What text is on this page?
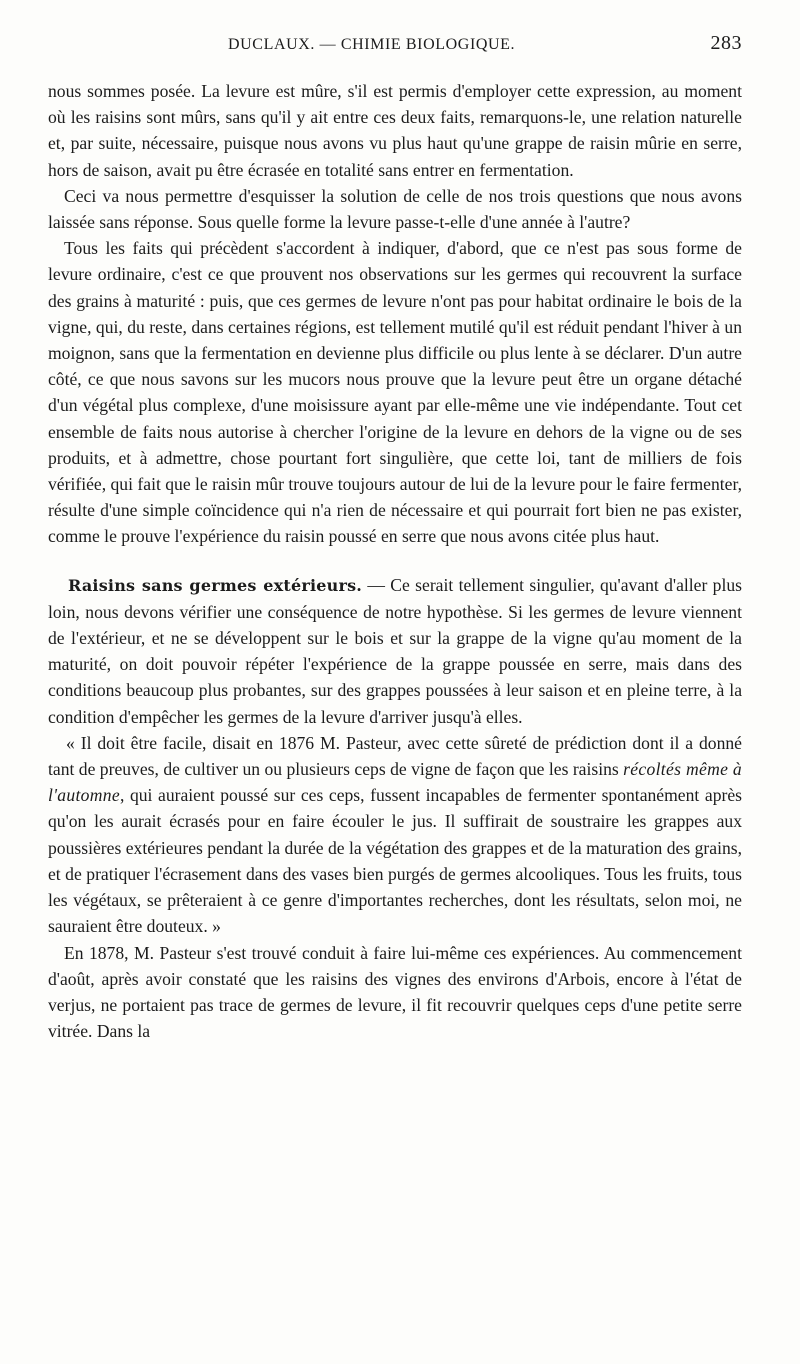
DUCLAUX. — CHIMIE BIOLOGIQUE.	283

nous sommes posée. La levure est mûre, s'il est permis d'employer cette expression, au moment où les raisins sont mûrs, sans qu'il y ait entre ces deux faits, remarquons-le, une relation naturelle et, par suite, nécessaire, puisque nous avons vu plus haut qu'une grappe de raisin mûrie en serre, hors de saison, avait pu être écrasée en totalité sans entrer en fermentation.

Ceci va nous permettre d'esquisser la solution de celle de nos trois questions que nous avons laissée sans réponse. Sous quelle forme la levure passe-t-elle d'une année à l'autre?

Tous les faits qui précèdent s'accordent à indiquer, d'abord, que ce n'est pas sous forme de levure ordinaire, c'est ce que prouvent nos observations sur les germes qui recouvrent la surface des grains à maturité : puis, que ces germes de levure n'ont pas pour habitat ordinaire le bois de la vigne, qui, du reste, dans certaines régions, est tellement mutilé qu'il est réduit pendant l'hiver à un moignon, sans que la fermentation en devienne plus difficile ou plus lente à se déclarer. D'un autre côté, ce que nous savons sur les mucors nous prouve que la levure peut être un organe détaché d'un végétal plus complexe, d'une moisissure ayant par elle-même une vie indépendante. Tout cet ensemble de faits nous autorise à chercher l'origine de la levure en dehors de la vigne ou de ses produits, et à admettre, chose pourtant fort singulière, que cette loi, tant de milliers de fois vérifiée, qui fait que le raisin mûr trouve toujours autour de lui de la levure pour le faire fermenter, résulte d'une simple coïncidence qui n'a rien de nécessaire et qui pourrait fort bien ne pas exister, comme le prouve l'expérience du raisin poussé en serre que nous avons citée plus haut.

Raisins sans germes extérieurs. — Ce serait tellement singulier, qu'avant d'aller plus loin, nous devons vérifier une conséquence de notre hypothèse. Si les germes de levure viennent de l'extérieur, et ne se développent sur le bois et sur la grappe de la vigne qu'au moment de la maturité, on doit pouvoir répéter l'expérience de la grappe poussée en serre, mais dans des conditions beaucoup plus probantes, sur des grappes poussées à leur saison et en pleine terre, à la condition d'empêcher les germes de la levure d'arriver jusqu'à elles.

« Il doit être facile, disait en 1876 M. Pasteur, avec cette sûreté de prédiction dont il a donné tant de preuves, de cultiver un ou plusieurs ceps de vigne de façon que les raisins récoltés même à l'automne, qui auraient poussé sur ces ceps, fussent incapables de fermenter spontanément après qu'on les aurait écrasés pour en faire écouler le jus. Il suffirait de soustraire les grappes aux poussières extérieures pendant la durée de la végétation des grappes et de la maturation des grains, et de pratiquer l'écrasement dans des vases bien purgés de germes alcooliques. Tous les fruits, tous les végétaux, se prêteraient à ce genre d'importantes recherches, dont les résultats, selon moi, ne sauraient être douteux. »

En 1878, M. Pasteur s'est trouvé conduit à faire lui-même ces expériences. Au commencement d'août, après avoir constaté que les raisins des vignes des environs d'Arbois, encore à l'état de verjus, ne portaient pas trace de germes de levure, il fit recouvrir quelques ceps d'une petite serre vitrée. Dans la
